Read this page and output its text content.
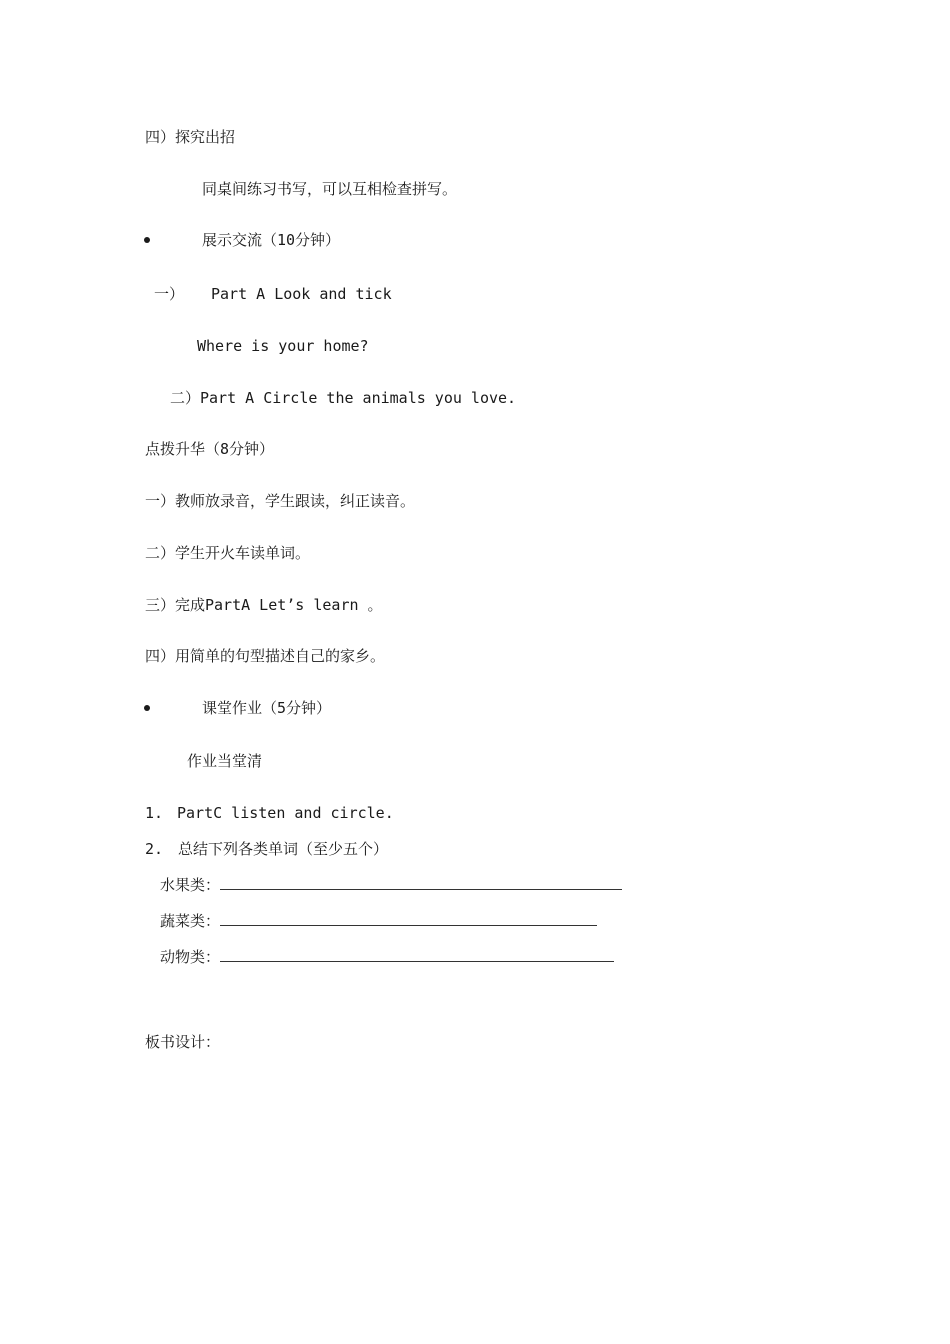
四）探究出招
同桌间练习书写，可以互相检查拼写。
展示交流（10分钟）
一） Part A Look and tick
Where is your home?
二）Part A Circle the animals you love.
点拨升华（8分钟）
一）教师放录音，学生跟读，纠正读音。
二）学生开火车读单词。
三）完成PartA Let’s learn 。
四）用简单的句型描述自己的家乡。
课堂作业（5分钟）
作业当堂清
1. PartC listen and circle.
2. 总结下列各类单词（至少五个）
水果类：
蔬菜类：
动物类：
板书设计：
